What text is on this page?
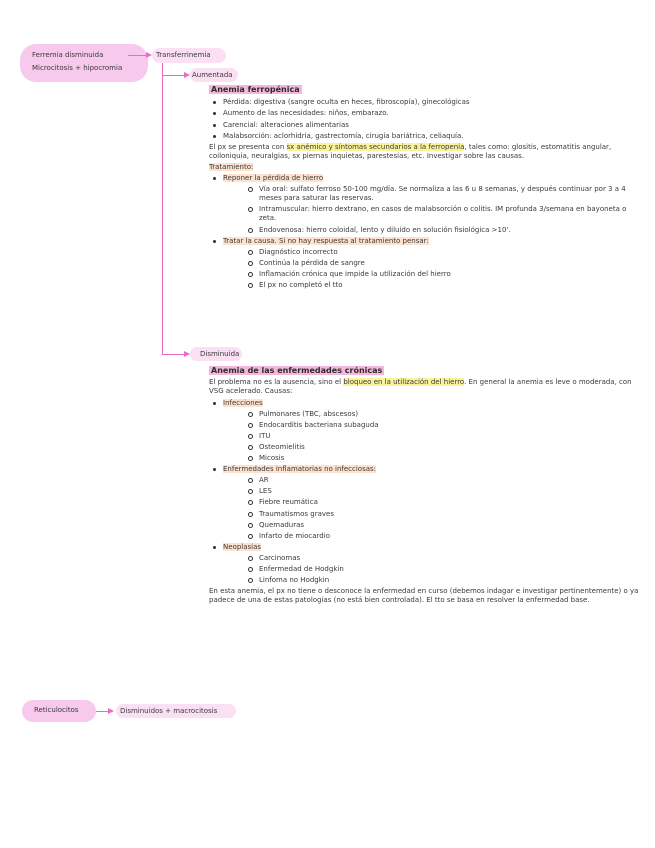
Ferremia disminuida
Microcitosis + hipocromia
Transferrinemia
Aumentada
Anemia ferropénica
Pérdida: digestiva (sangre oculta en heces, fibroscopía), ginecológicas
Aumento de las necesidades: niños, embarazo.
Carencial: alteraciones alimentarias
Malabsorción: aclorhidria, gastrectomía, cirugía bariátrica, celiaquía.

El px se presenta con sx anémico y síntomas secundarios a la ferropenia, tales como: glositis, estomatitis angular, coiloniquia, neuralgias, sx piernas inquietas, parestesias, etc. Investigar sobre las causas.

Tratamiento:
Reponer la pérdida de hierro
Vía oral: sulfato ferroso 50-100 mg/día. Se normaliza a las 6 u 8 semanas, y después continuar por 3 a 4 meses para saturar las reservas.
Intramuscular: hierro dextrano, en casos de malabsorción o colitis. IM profunda 3/semana en bayoneta o zeta.
Endovenosa: hierro coloidal, lento y diluido en solución fisiológica >10'.
Tratar la causa. Si no hay respuesta al tratamiento pensar:
Diagnóstico incorrecto
Continúa la pérdida de sangre
Inflamación crónica que impide la utilización del hierro
El px no completó el tto
Disminuida
Anemia de las enfermedades crónicas

El problema no es la ausencia, sino el bloqueo en la utilización del hierro. En general la anemia es leve o moderada, con VSG acelerado. Causas:

Infecciones
Pulmonares (TBC, abscesos)
Endocarditis bacteriana subaguda
ITU
Osteomielitis
Micosis
Enfermedades inflamatorias no infecciosas:
AR
LES
Fiebre reumática
Traumatismos graves
Quemaduras
Infarto de miocardio
Neoplasias
Carcinomas
Enfermedad de Hodgkin
Linfoma no Hodgkin

En esta anemia, el px no tiene o desconoce la enfermedad en curso (debemos indagar e investigar pertinentemente) o ya padece de una de estas patologías (no está bien controlada). El tto se basa en resolver la enfermedad base.

Reticulocitos	Disminuidos + macrocitosis
